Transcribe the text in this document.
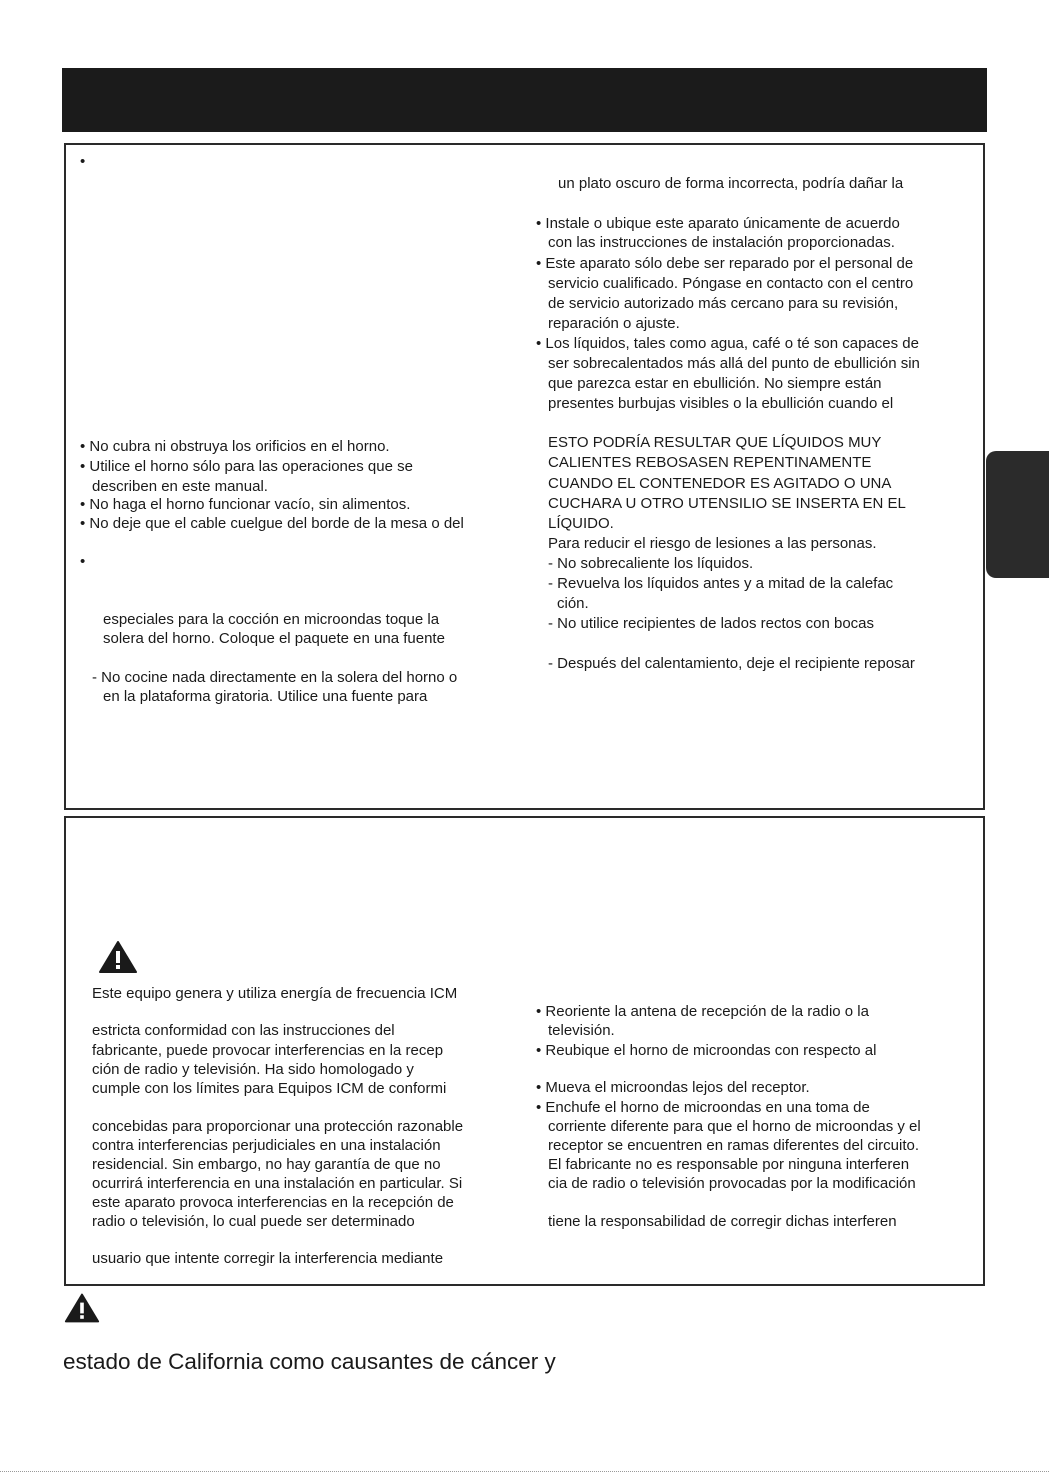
•
•

• No cubra ni obstruya los orificios en el horno.

• Utilice el horno sólo para las operaciones que se

describen en este manual.

• No haga el horno funcionar vacío, sin alimentos.

• No deje que el cable cuelgue del borde de la mesa o del

especiales para la cocción en microondas toque la

solera del horno. Coloque el paquete en una fuente

- No cocine nada directamente en la solera del horno o

en la plataforma giratoria. Utilice una fuente para

un plato oscuro de forma incorrecta, podría dañar la

• Instale o ubique este aparato únicamente de acuerdo

con las instrucciones de instalación proporcionadas.

• Este aparato sólo debe ser reparado por el personal de

servicio cualificado. Póngase en contacto con el centro

de servicio autorizado más cercano para su revisión,

reparación o ajuste.

• Los líquidos, tales como agua, café o té son capaces de

ser sobrecalentados más allá del punto de ebullición sin

que parezca estar en ebullición. No siempre están

presentes burbujas visibles o la ebullición cuando el

ESTO PODRÍA RESULTAR QUE LÍQUIDOS MUY

CALIENTES REBOSASEN REPENTINAMENTE

CUANDO EL CONTENEDOR ES AGITADO O UNA

CUCHARA U OTRO UTENSILIO SE INSERTA EN EL

LÍQUIDO.

Para reducir el riesgo de lesiones a las personas.

- No sobrecaliente los líquidos.

- Revuelva los líquidos antes y a mitad de la calefac

ción.

- No utilice recipientes de lados rectos con bocas

- Después del calentamiento, deje el recipiente reposar

Este equipo genera y utiliza energía de frecuencia ICM

estricta conformidad con las instrucciones del

fabricante, puede provocar interferencias en la recep

ción de radio y televisión. Ha sido homologado y

cumple con los límites para Equipos ICM de conformi

concebidas para proporcionar una protección razonable

contra interferencias perjudiciales en una instalación

residencial. Sin embargo, no hay garantía de que no

ocurrirá interferencia en una instalación en particular. Si

este aparato provoca interferencias en la recepción de

radio o televisión, lo cual puede ser determinado

usuario que intente corregir la interferencia mediante

• Reoriente la antena de recepción de la radio o la

televisión.

• Reubique el horno de microondas con respecto al

• Mueva el microondas lejos del receptor.

• Enchufe el horno de microondas en una toma de

corriente diferente para que el horno de microondas y el

receptor se encuentren en ramas diferentes del circuito.

El fabricante no es responsable por ninguna interferen

cia de radio o televisión provocadas por la modificación

tiene la responsabilidad de corregir dichas interferen

estado de California como causantes de cáncer y
